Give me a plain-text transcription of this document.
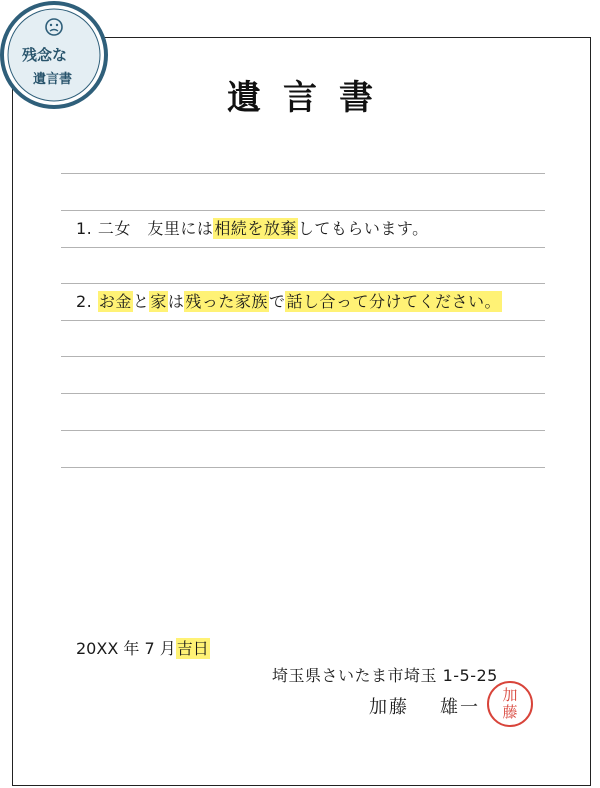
残念な
遺言書	遺言書
1. 二女　友里には相続を放棄してもらいます。
2. お金と家は残った家族で話し合って分けてください。
20XX 年 7 月吉日
埼玉県さいたま市埼玉 1-5-25
加藤 雄一
加
藤
